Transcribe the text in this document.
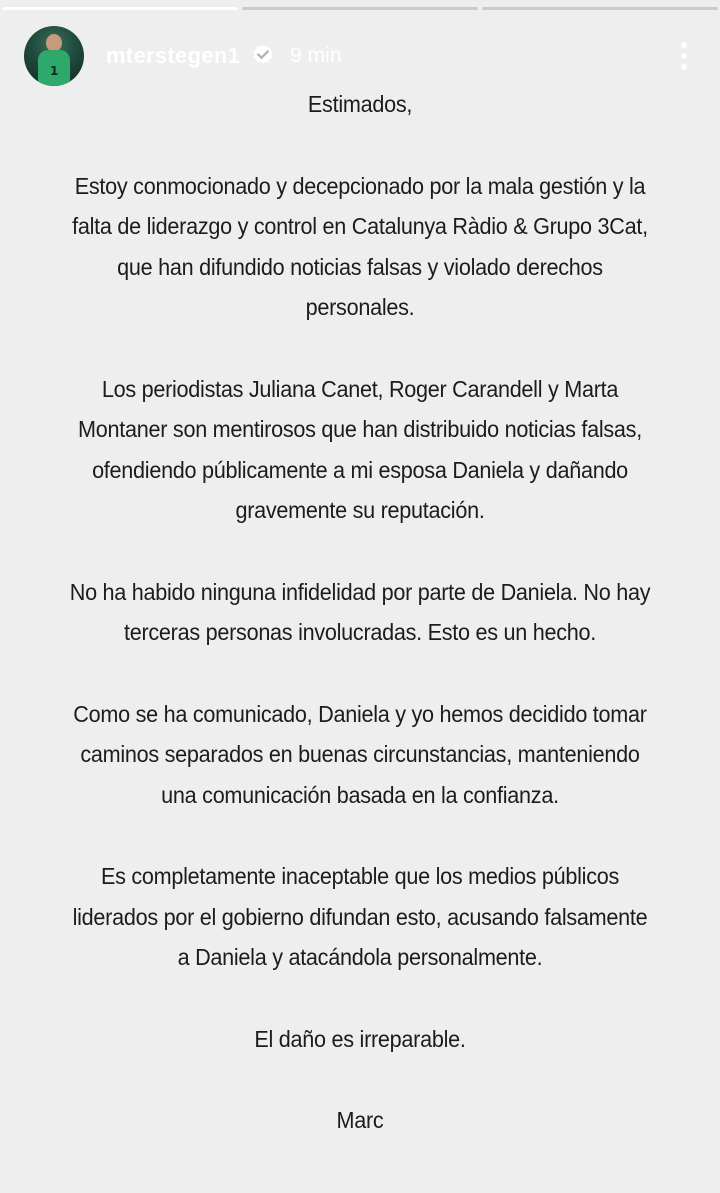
1
mterstegen1 9 min

Estimados,

Estoy conmocionado y decepcionado por la mala gestión y la falta de liderazgo y control en Catalunya Ràdio & Grupo 3Cat, que han difundido noticias falsas y violado derechos personales.

Los periodistas Juliana Canet, Roger Carandell y Marta Montaner son mentirosos que han distribuido noticias falsas, ofendiendo públicamente a mi esposa Daniela y dañando gravemente su reputación.

No ha habido ninguna infidelidad por parte de Daniela. No hay terceras personas involucradas. Esto es un hecho.

Como se ha comunicado, Daniela y yo hemos decidido tomar caminos separados en buenas circunstancias, manteniendo una comunicación basada en la confianza.

Es completamente inaceptable que los medios públicos liderados por el gobierno difundan esto, acusando falsamente a Daniela y atacándola personalmente.

El daño es irreparable.

Marc
